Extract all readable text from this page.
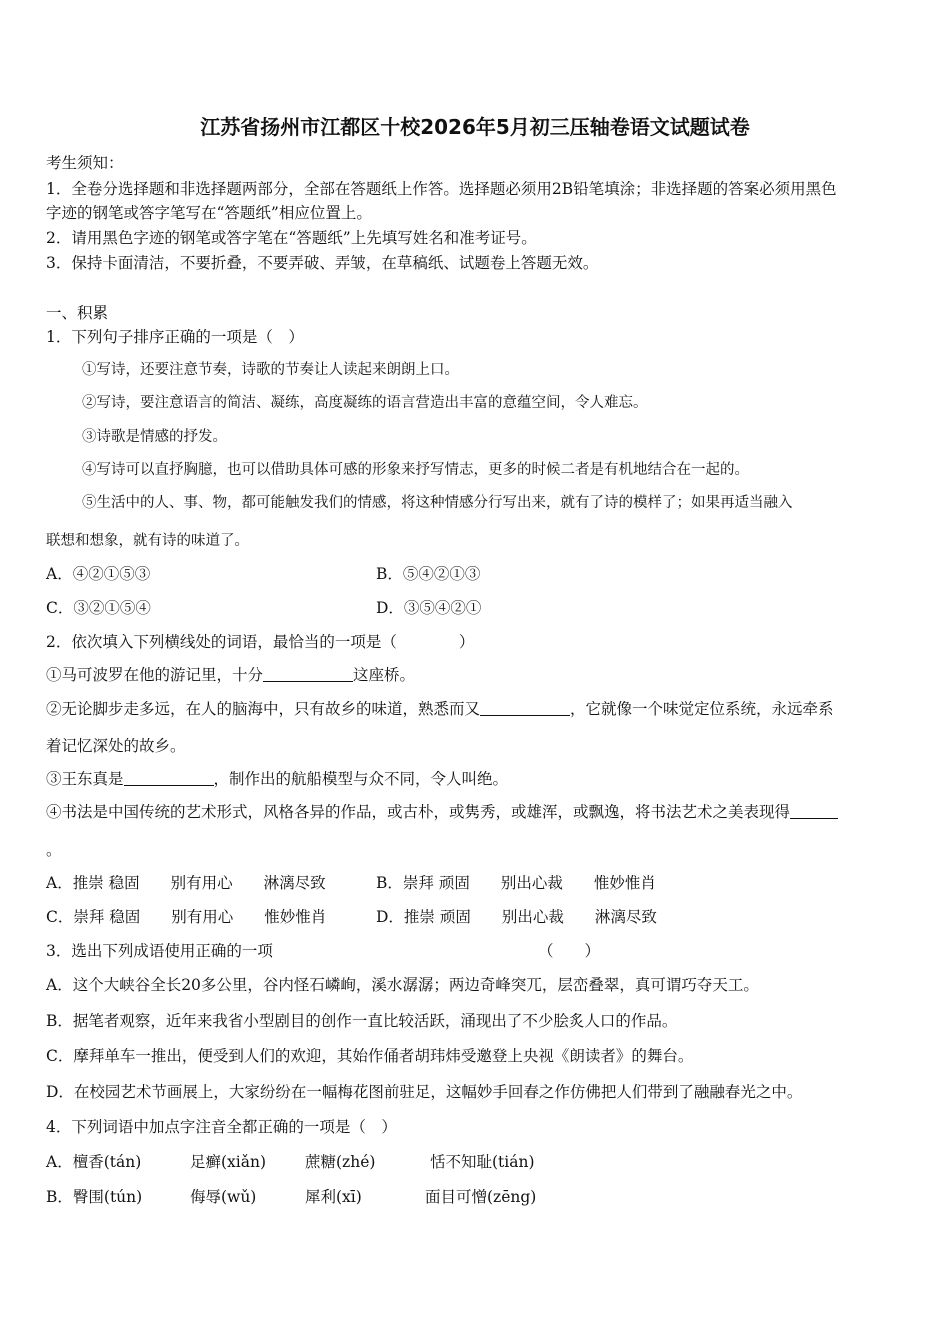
江苏省扬州市江都区十校2026年5月初三压轴卷语文试题试卷
考生须知：
1．全卷分选择题和非选择题两部分，全部在答题纸上作答。选择题必须用2B铅笔填涂；非选择题的答案必须用黑色
字迹的钢笔或答字笔写在“答题纸”相应位置上。
2．请用黑色字迹的钢笔或答字笔在“答题纸”上先填写姓名和准考证号。
3．保持卡面清洁，不要折叠，不要弄破、弄皱，在草稿纸、试题卷上答题无效。
一、积累
1．下列句子排序正确的一项是（　）
①写诗，还要注意节奏，诗歌的节奏让人读起来朗朗上口。
②写诗，要注意语言的简洁、凝练，高度凝练的语言营造出丰富的意蕴空间，令人难忘。
③诗歌是情感的抒发。
④写诗可以直抒胸臆，也可以借助具体可感的形象来抒写情志，更多的时候二者是有机地结合在一起的。
⑤生活中的人、事、物，都可能触发我们的情感，将这种情感分行写出来，就有了诗的模样了；如果再适当融入
联想和想象，就有诗的味道了。
A．④②①⑤③	B．⑤④②①③
C．③②①⑤④	D．③⑤④②①
2．依次填入下列横线处的词语，最恰当的一项是（　　　　）
①马可波罗在他的游记里，十分	这座桥。
②无论脚步走多远，在人的脑海中，只有故乡的味道，熟悉而又	，它就像一个味觉定位系统，永远牵系
着记忆深处的故乡。
③王东真是	，制作出的航船模型与众不同，令人叫绝。
④书法是中国传统的艺术形式，风格各异的作品，或古朴，或隽秀，或雄浑，或飘逸，将书法艺术之美表现得
。
A．推崇 稳固　　别有用心　　淋漓尽致	B．崇拜 顽固　　别出心裁　　惟妙惟肖
C．崇拜 稳固　　别有用心　　惟妙惟肖	D．推崇 顽固　　别出心裁　　淋漓尽致
3．选出下列成语使用正确的一项	（　　）
A．这个大峡谷全长20多公里，谷内怪石嶙峋，溪水潺潺；两边奇峰突兀，层峦叠翠，真可谓巧夺天工。
B．据笔者观察，近年来我省小型剧目的创作一直比较活跃，涌现出了不少脍炙人口的作品。
C．摩拜单车一推出，便受到人们的欢迎，其始作俑者胡玮炜受邀登上央视《朗读者》的舞台。
D．在校园艺术节画展上，大家纷纷在一幅梅花图前驻足，这幅妙手回春之作仿佛把人们带到了融融春光之中。
4．下列词语中加点字注音全都正确的一项是（　）
A．檀香(tán)	足癣(xiǎn)	蔗糖(zhé)	恬不知耻(tián)
B．臀围(tún)	侮辱(wǔ)	犀利(xī)	面目可憎(zēng)
